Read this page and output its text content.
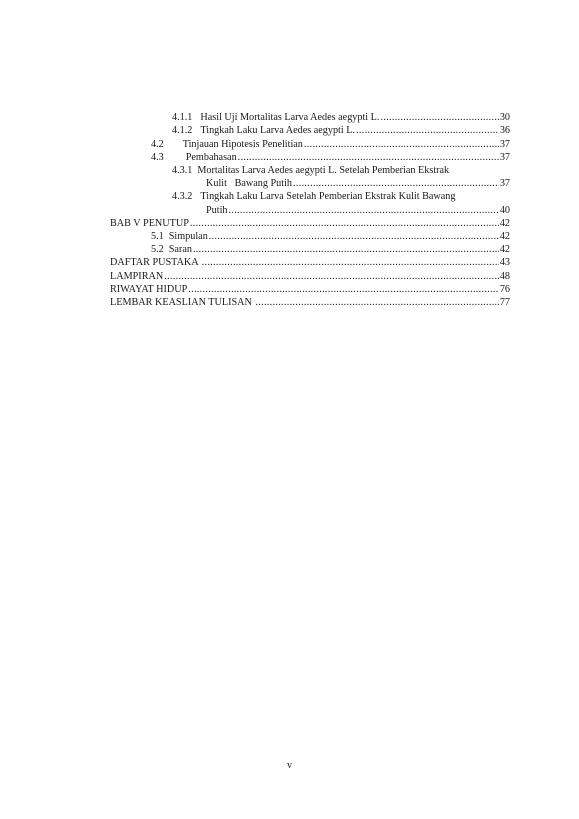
4.1.1 Hasil Uji Mortalitas Larva Aedes aegypti L. .....	30
4.1.2 Tingkah Laku Larva Aedes aegypti L. .....	36
4.2 Tinjauan Hipotesis Penelitian .....	37
4.3 Pembahasan .....	37
4.3.1 Mortalitas Larva Aedes aegypti L. Setelah Pemberian Ekstrak
Kulit   Bawang Putih .....	37
4.3.2 Tingkah Laku Larva Setelah Pemberian Ekstrak Kulit Bawang
Putih .....	40
BAB V PENUTUP .....	42
5.1 Simpulan .....	42
5.2 Saran .....	42
DAFTAR PUSTAKA .....	43
LAMPIRAN .....	48
RIWAYAT HIDUP .....	76
LEMBAR KEASLIAN TULISAN .....	77
v
